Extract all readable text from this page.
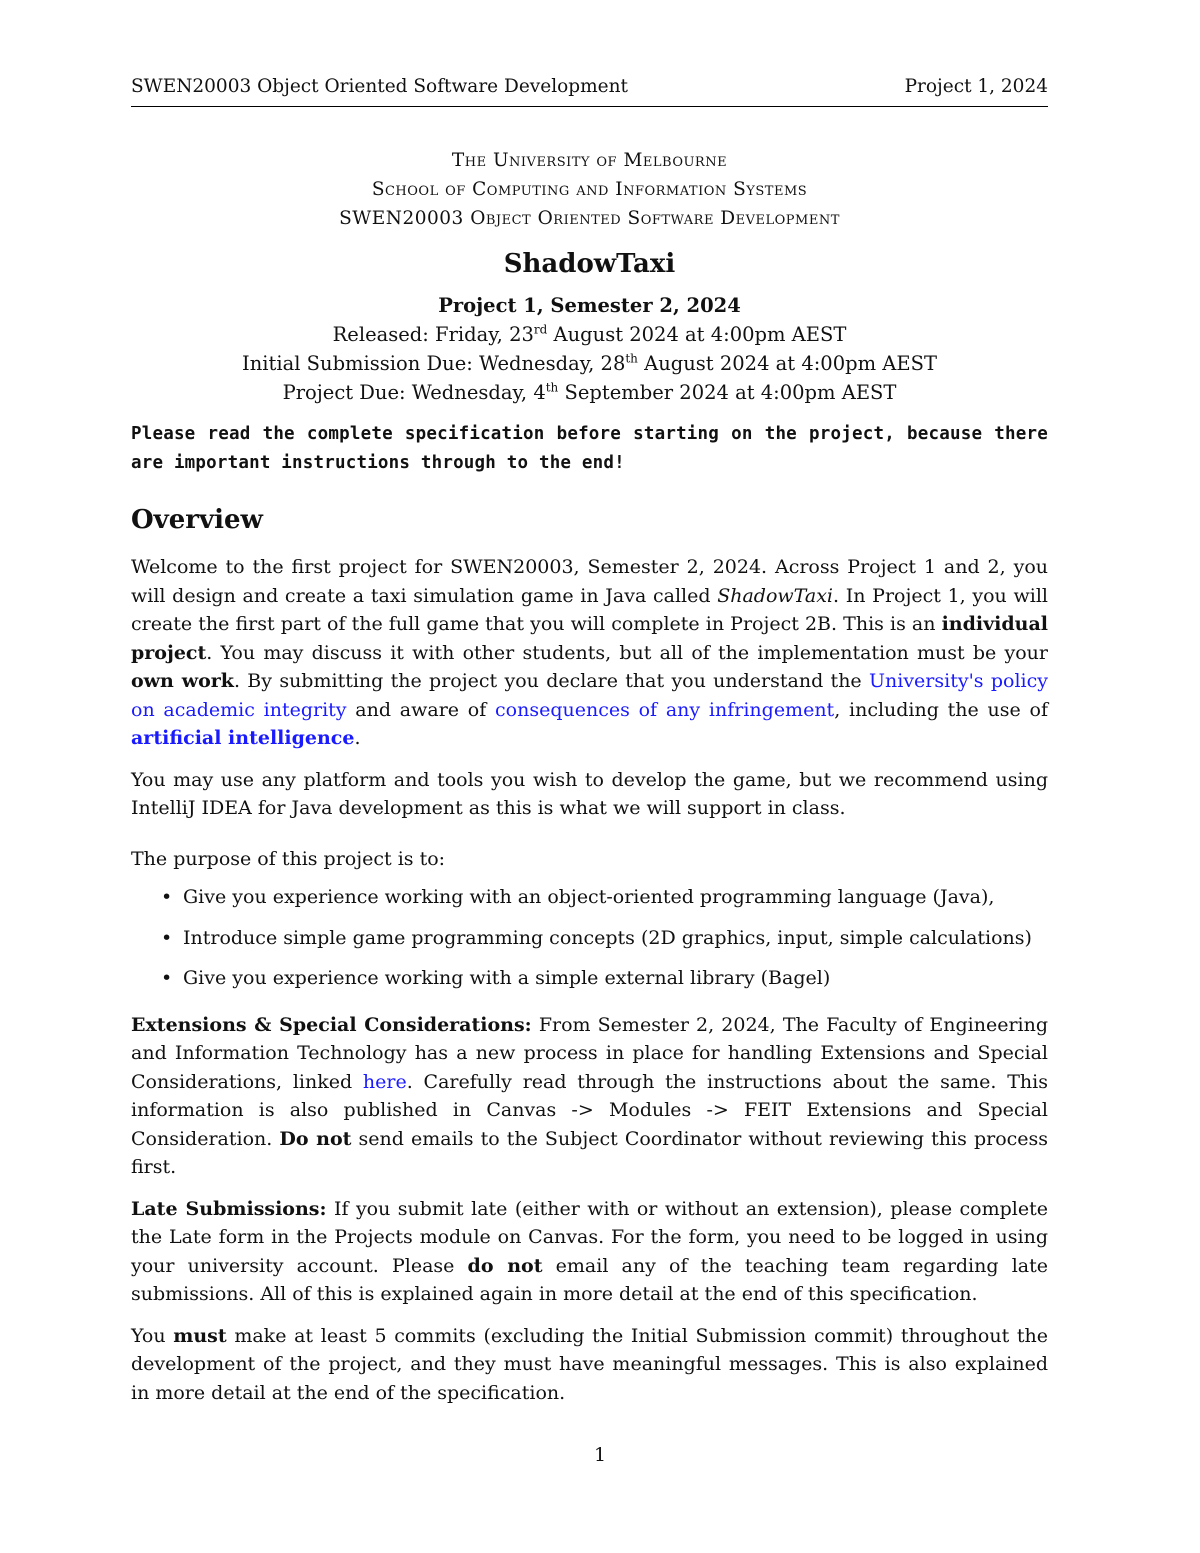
SWEN20003 Object Oriented Software Development	Project 1, 2024
The University of Melbourne
School of Computing and Information Systems
SWEN20003 Object Oriented Software Development
ShadowTaxi
Project 1, Semester 2, 2024
Released: Friday, 23rd August 2024 at 4:00pm AEST
Initial Submission Due: Wednesday, 28th August 2024 at 4:00pm AEST
Project Due: Wednesday, 4th September 2024 at 4:00pm AEST

Please read the complete specification before starting on the project, because there are important instructions through to the end!

Overview

Welcome to the first project for SWEN20003, Semester 2, 2024. Across Project 1 and 2, you will design and create a taxi simulation game in Java called ShadowTaxi. In Project 1, you will create the first part of the full game that you will complete in Project 2B. This is an individual project. You may discuss it with other students, but all of the implementation must be your own work. By submitting the project you declare that you understand the University's policy on academic integrity and aware of consequences of any infringement, including the use of artificial intelligence.

You may use any platform and tools you wish to develop the game, but we recommend using IntelliJ IDEA for Java development as this is what we will support in class.

The purpose of this project is to:

• Give you experience working with an object-oriented programming language (Java),
• Introduce simple game programming concepts (2D graphics, input, simple calculations)
• Give you experience working with a simple external library (Bagel)

Extensions & Special Considerations: From Semester 2, 2024, The Faculty of Engineering and Information Technology has a new process in place for handling Extensions and Special Considerations, linked here. Carefully read through the instructions about the same. This information is also published in Canvas -> Modules -> FEIT Extensions and Special Consideration. Do not send emails to the Subject Coordinator without reviewing this process first.

Late Submissions: If you submit late (either with or without an extension), please complete the Late form in the Projects module on Canvas. For the form, you need to be logged in using your university account. Please do not email any of the teaching team regarding late submissions. All of this is explained again in more detail at the end of this specification.

You must make at least 5 commits (excluding the Initial Submission commit) throughout the development of the project, and they must have meaningful messages. This is also explained in more detail at the end of the specification.

1
